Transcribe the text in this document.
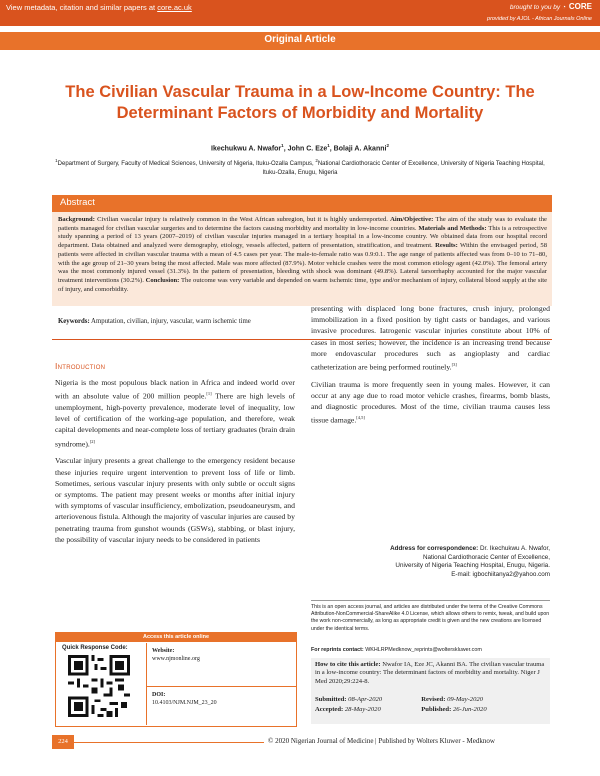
View metadata, citation and similar papers at core.ac.uk	brought to you by ◔ CORE
provided by AJOL - African Journals Online
Original Article
The Civilian Vascular Trauma in a Low-Income Country: The Determinant Factors of Morbidity and Mortality
Ikechukwu A. Nwafor$^1$, John C. Eze$^1$, Bolaji A. Akanni$^2$
$^1$Department of Surgery, Faculty of Medical Sciences, University of Nigeria, Ituku-Ozalla Campus, $^2$National Cardiothoracic Center of Excellence, University of Nigeria Teaching Hospital, Ituku-Ozalla, Enugu, Nigeria
Abstract
Background: Civilian vascular injury is relatively common in the West African subregion, but it is highly underreported. Aim/Objective: The aim of the study was to evaluate the patients managed for civilian vascular surgeries and to determine the factors causing morbidity and mortality in low-income countries. Materials and Methods: This is a retrospective study spanning a period of 13 years (2007–2019) of civilian vascular injuries managed in a tertiary hospital in a low-income country. We obtained data from our hospital record department. Data obtained and analyzed were demography, etiology, vessels affected, pattern of presentation, stratification, and treatment. Results: Within the envisaged period, 58 patients were affected in civilian vascular trauma with a mean of 4.5 cases per year. The male-to-female ratio was 0.9:0.1. The age range of patients affected was from 0–10 to 71–80, with the age group of 21–30 years being the most affected. Male was more affected (87.9%). Motor vehicle crashes were the most common etiology agent (42.0%). The femoral artery was the most commonly injured vessel (31.3%). In the pattern of presentation, bleeding with shock was dominant (49.8%). Lateral tarsorrhaphy accounted for the major vascular treatment interventions (30.2%). Conclusion: The outcome was very variable and depended on warm ischemic time, type and/or mechanism of injury, collateral blood supply at the site of injury, and comorbidity.
Keywords: Amputation, civilian, injury, vascular, warm ischemic time
Introduction

Nigeria is the most populous black nation in Africa and indeed world over with an absolute value of 200 million people.[1] There are high levels of unemployment, high-poverty prevalence, moderate level of inequality, low level of certification of the working-age population, and therefore, weak capital developments and near-complete loss of tertiary graduates (brain drain syndrome).[2]

Vascular injury presents a great challenge to the emergency resident because these injuries require urgent intervention to prevent loss of life or limb. Sometimes, serious vascular injury presents with only subtle or occult signs or symptoms. The patient may present weeks or months after initial injury with symptoms of vascular insufficiency, embolization, pseudoaneurysm, and arteriovenous fistula. Although the majority of vascular injuries are caused by penetrating trauma from gunshot wounds (GSWs), stabbing, or blast injury, the possibility of vascular injury needs to be considered in patients

presenting with displaced long bone fractures, crush injury, prolonged immobilization in a fixed position by tight casts or bandages, and various invasive procedures. Iatrogenic vascular injuries constitute about 10% of cases in most series; however, the incidence is an increasing trend because more endovascular procedures such as angioplasty and cardiac catheterization are being performed routinely.[3]

Civilian trauma is more frequently seen in young males. However, it can occur at any age due to road motor vehicle crashes, firearms, bomb blasts, and diagnostic procedures. Most of the time, civilian trauma causes less tissue damage.[4,5]

Address for correspondence: Dr. Ikechukwu A. Nwafor,
National Cardiothoracic Center of Excellence,
University of Nigeria Teaching Hospital, Enugu, Nigeria.
E-mail: igbochiitanya2@yahoo.com
This is an open access journal, and articles are distributed under the terms of the Creative Commons Attribution-NonCommercial-ShareAlike 4.0 License, which allows others to remix, tweak, and build upon the work non-commercially, as long as appropriate credit is given and the new creations are licensed under the identical terms.
For reprints contact: WKHLRPMedknow_reprints@wolterskluwer.com
How to cite this article: Nwafor IA, Eze JC, Akanni BA. The civilian vascular trauma in a low-income country: The determinant factors of morbidity and mortality. Niger J Med 2020;29:224-8.
Submitted: 08-Apr-2020	Revised: 09-May-2020
Accepted: 28-May-2020	Published: 26-Jun-2020
Access this article online
Quick Response Code:	Website:
www.njmonline.org
DOI:
10.4103/NJM.NJM_23_20
224	© 2020 Nigerian Journal of Medicine | Published by Wolters Kluwer - Medknow
